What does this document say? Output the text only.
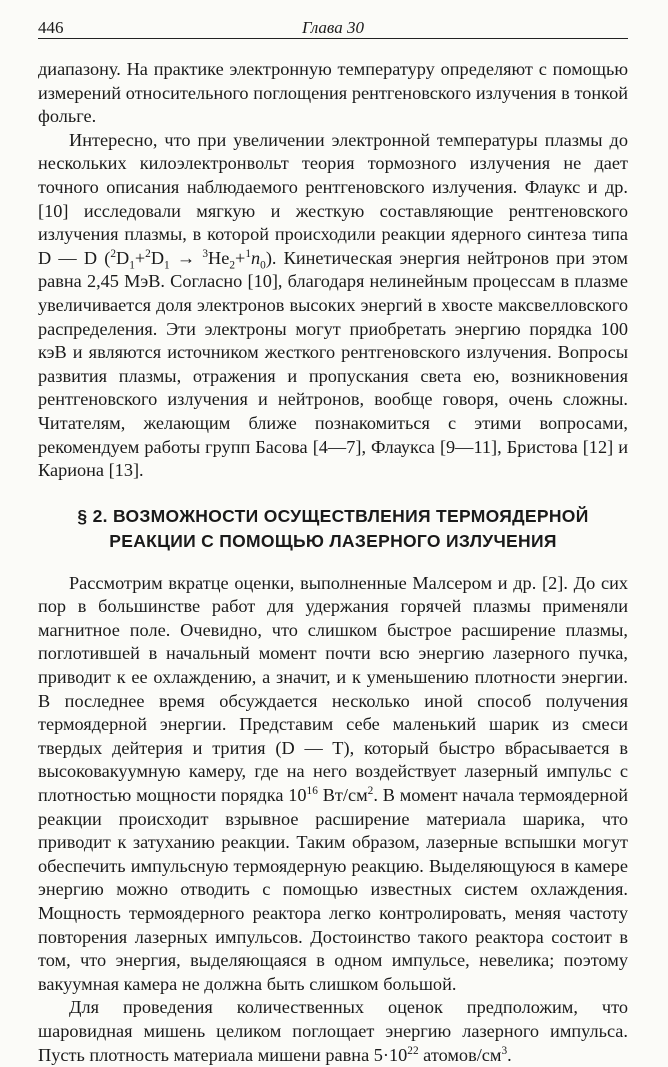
446	Глава 30

диапазону. На практике электронную температуру определяют с помощью измерений относительного поглощения рентгеновского излучения в тонкой фольге.

Интересно, что при увеличении электронной температуры плазмы до нескольких килоэлектронвольт теория тормозного излучения не дает точного описания наблюдаемого рентгеновского излучения. Флаукс и др. [10] исследовали мягкую и жесткую составляющие рентгеновского излучения плазмы, в которой происходили реакции ядерного синтеза типа D — D $(^2D_1+^2D_1 \to ^3He_2+^1n_0)$. Кинетическая энергия нейтронов при этом равна 2,45 МэВ. Согласно [10], благодаря нелинейным процессам в плазме увеличивается доля электронов высоких энергий в хвосте максвелловского распределения. Эти электроны могут приобретать энергию порядка 100 кэВ и являются источником жесткого рентгеновского излучения. Вопросы развития плазмы, отражения и пропускания света ею, возникновения рентгеновского излучения и нейтронов, вообще говоря, очень сложны. Читателям, желающим ближе познакомиться с этими вопросами, рекомендуем работы групп Басова [4—7], Флаукса [9—11], Бристова [12] и Кариона [13].

§ 2. ВОЗМОЖНОСТИ ОСУЩЕСТВЛЕНИЯ ТЕРМОЯДЕРНОЙ
РЕАКЦИИ С ПОМОЩЬЮ ЛАЗЕРНОГО ИЗЛУЧЕНИЯ

Рассмотрим вкратце оценки, выполненные Малсером и др. [2]. До сих пор в большинстве работ для удержания горячей плазмы применяли магнитное поле. Очевидно, что слишком быстрое расширение плазмы, поглотившей в начальный момент почти всю энергию лазерного пучка, приводит к ее охлаждению, а значит, и к уменьшению плотности энергии. В последнее время обсуждается несколько иной способ получения термоядерной энергии. Представим себе маленький шарик из смеси твердых дейтерия и трития (D — T), который быстро вбрасывается в высоковакуумную камеру, где на него воздействует лазерный импульс с плотностью мощности порядка $10^{16}$ $Вт/см^2$. В момент начала термоядерной реакции происходит взрывное расширение материала шарика, что приводит к затуханию реакции. Таким образом, лазерные вспышки могут обеспечить импульсную термоядерную реакцию. Выделяющуюся в камере энергию можно отводить с помощью известных систем охлаждения. Мощность термоядерного реактора легко контролировать, меняя частоту повторения лазерных импульсов. Достоинство такого реактора состоит в том, что энергия, выделяющаяся в одном импульсе, невелика; поэтому вакуумная камера не должна быть слишком большой.

Для проведения количественных оценок предположим, что шаровидная мишень целиком поглощает энергию лазерного импульса. Пусть плотность материала мишени равна $5\cdot 10^{22}$ атомов/$см^3$.
